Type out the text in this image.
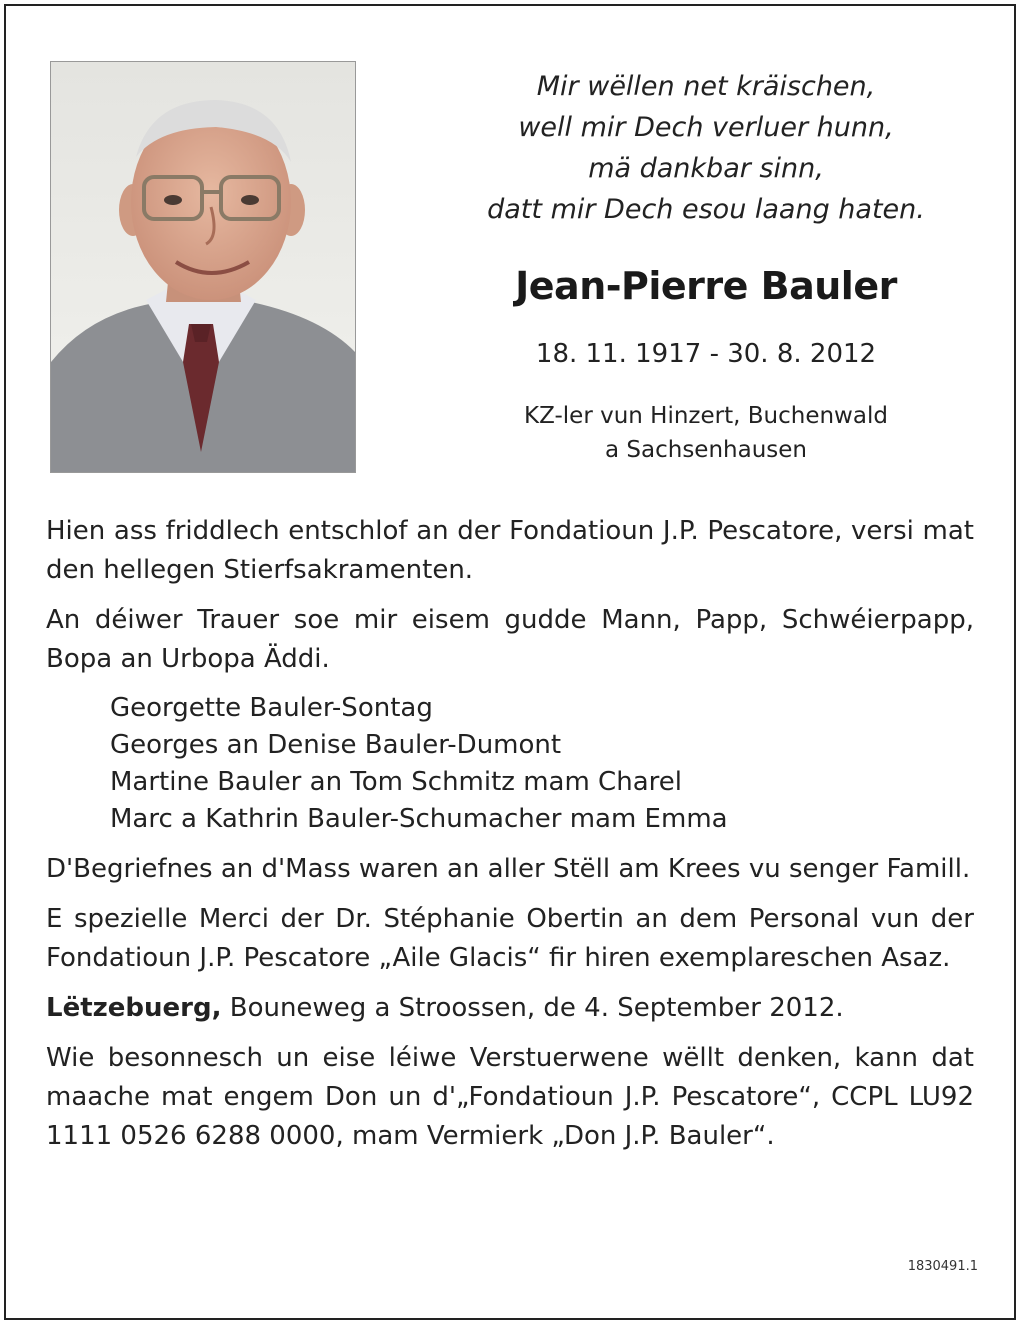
Mir wëllen net kräischen,
well mir Dech verluer hunn,
mä dankbar sinn,
datt mir Dech esou laang haten.
Jean-Pierre Bauler
18. 11. 1917 - 30. 8. 2012
KZ-ler vun Hinzert, Buchenwald
a Sachsenhausen

Hien ass friddlech entschlof an der Fondatioun J.P. Pescatore, versi mat den hellegen Stierfsakramenten.

An déiwer Trauer soe mir eisem gudde Mann, Papp, Schwéierpapp, Bopa an Urbopa Äddi.

Georgette Bauler-Sontag
Georges an Denise Bauler-Dumont
Martine Bauler an Tom Schmitz mam Charel
Marc a Kathrin Bauler-Schumacher mam Emma

D'Begriefnes an d'Mass waren an aller Stëll am Krees vu senger Famill.

E spezielle Merci der Dr. Stéphanie Obertin an dem Personal vun der Fondatioun J.P. Pescatore „Aile Glacis“ fir hiren exemplareschen Asaz.

Lëtzebuerg, Bouneweg a Stroossen, de 4. September 2012.

Wie besonnesch un eise léiwe Verstuerwene wëllt denken, kann dat maache mat engem Don un d'„Fondatioun J.P. Pescatore“, CCPL LU92 1111 0526 6288 0000, mam Vermierk „Don J.P. Bauler“.

1830491.1
